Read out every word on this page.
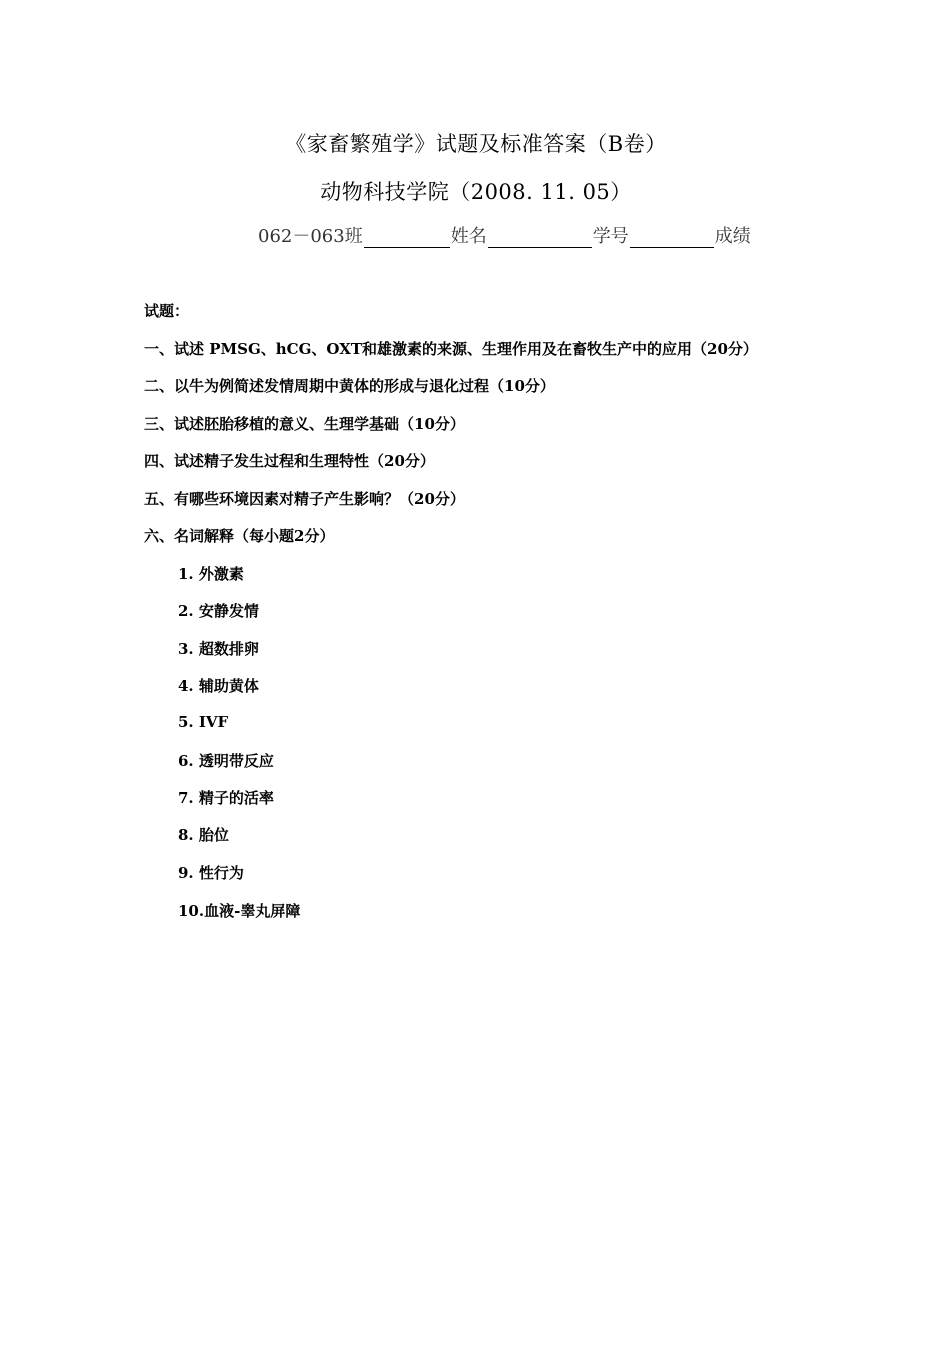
《家畜繁殖学》试题及标准答案（B卷）
动物科技学院（2008. 11. 05）
062－063班	姓名	学号	成绩
试题：
一、试述 PMSG、hCG、OXT和雄激素的来源、生理作用及在畜牧生产中的应用（20分）
二、以牛为例简述发情周期中黄体的形成与退化过程（10分）
三、试述胚胎移植的意义、生理学基础（10分）
四、试述精子发生过程和生理特性（20分）
五、有哪些环境因素对精子产生影响？（20分）
六、名词解释（每小题2分）
1. 外激素
2. 安静发情
3. 超数排卵
4. 辅助黄体
5. IVF
6. 透明带反应
7. 精子的活率
8. 胎位
9. 性行为
10.血液-睾丸屏障
